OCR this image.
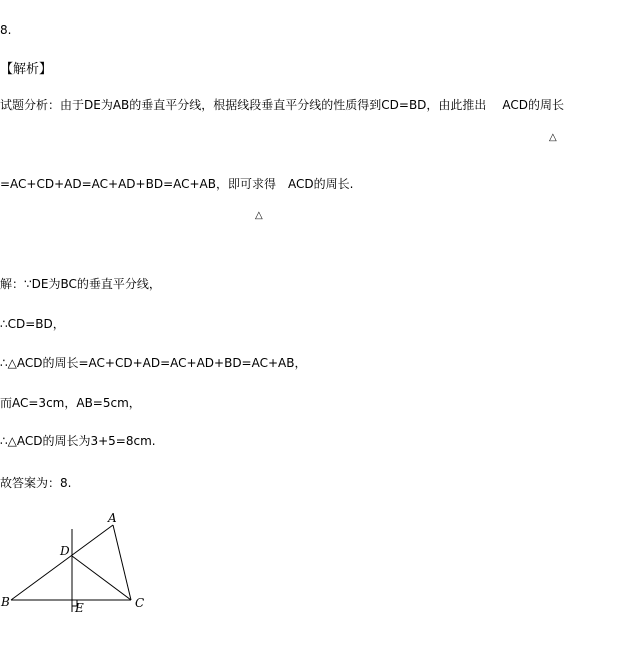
8.
【解析】
试题分析：由于DE为AB的垂直平分线，根据线段垂直平分线的性质得到CD=BD，由此推出 ACD的周长
△
=AC+CD+AD=AC+AD+BD=AC+AB，即可求得 ACD的周长.
△
解：∵DE为BC的垂直平分线，
∴CD=BD，
∴△ACD的周长=AC+CD+AD=AC+AD+BD=AC+AB，
而AC=3cm，AB=5cm，
∴△ACD的周长为3+5=8cm.
故答案为：8.
A
B	C
D
E
